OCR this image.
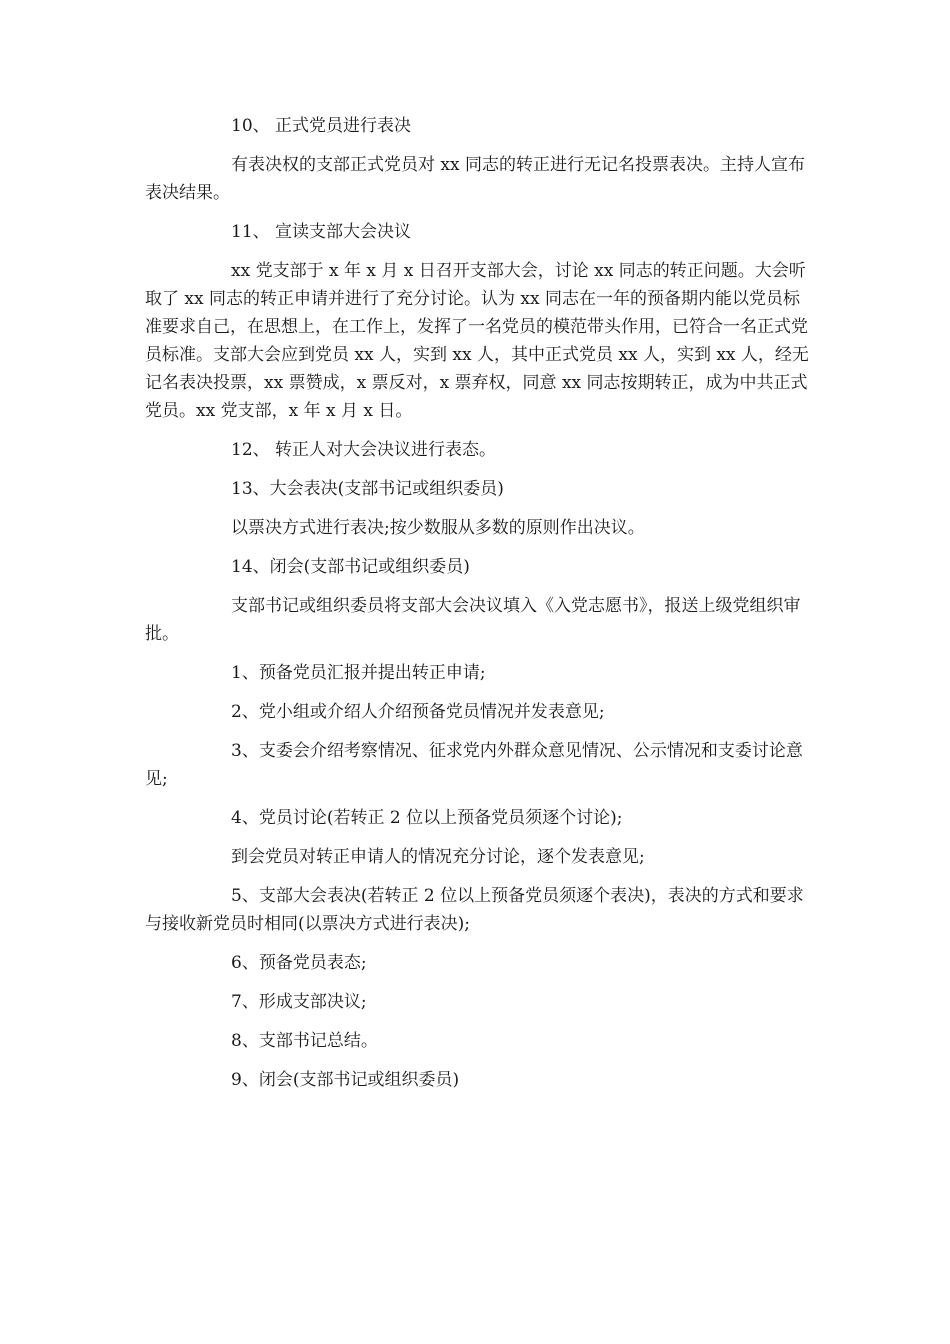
10、 正式党员进行表决

有表决权的支部正式党员对 xx 同志的转正进行无记名投票表决。主持人宣布表决结果。

11、 宣读支部大会决议

xx 党支部于 x 年 x 月 x 日召开支部大会，讨论 xx 同志的转正问题。大会听取了 xx 同志的转正申请并进行了充分讨论。认为 xx 同志在一年的预备期内能以党员标准要求自己，在思想上，在工作上，发挥了一名党员的模范带头作用，已符合一名正式党员标准。支部大会应到党员 xx 人，实到 xx 人，其中正式党员 xx 人，实到 xx 人，经无记名表决投票，xx 票赞成，x 票反对，x 票弃权，同意 xx 同志按期转正，成为中共正式党员。xx 党支部，x 年 x 月 x 日。

12、 转正人对大会决议进行表态。

13、大会表决(支部书记或组织委员)

以票决方式进行表决;按少数服从多数的原则作出决议。

14、闭会(支部书记或组织委员)

支部书记或组织委员将支部大会决议填入《入党志愿书》，报送上级党组织审批。

1、预备党员汇报并提出转正申请;

2、党小组或介绍人介绍预备党员情况并发表意见;

3、支委会介绍考察情况、征求党内外群众意见情况、公示情况和支委讨论意见;

4、党员讨论(若转正 2 位以上预备党员须逐个讨论);

到会党员对转正申请人的情况充分讨论，逐个发表意见;

5、支部大会表决(若转正 2 位以上预备党员须逐个表决)，表决的方式和要求与接收新党员时相同(以票决方式进行表决);

6、预备党员表态;

7、形成支部决议;

8、支部书记总结。

9、闭会(支部书记或组织委员)
